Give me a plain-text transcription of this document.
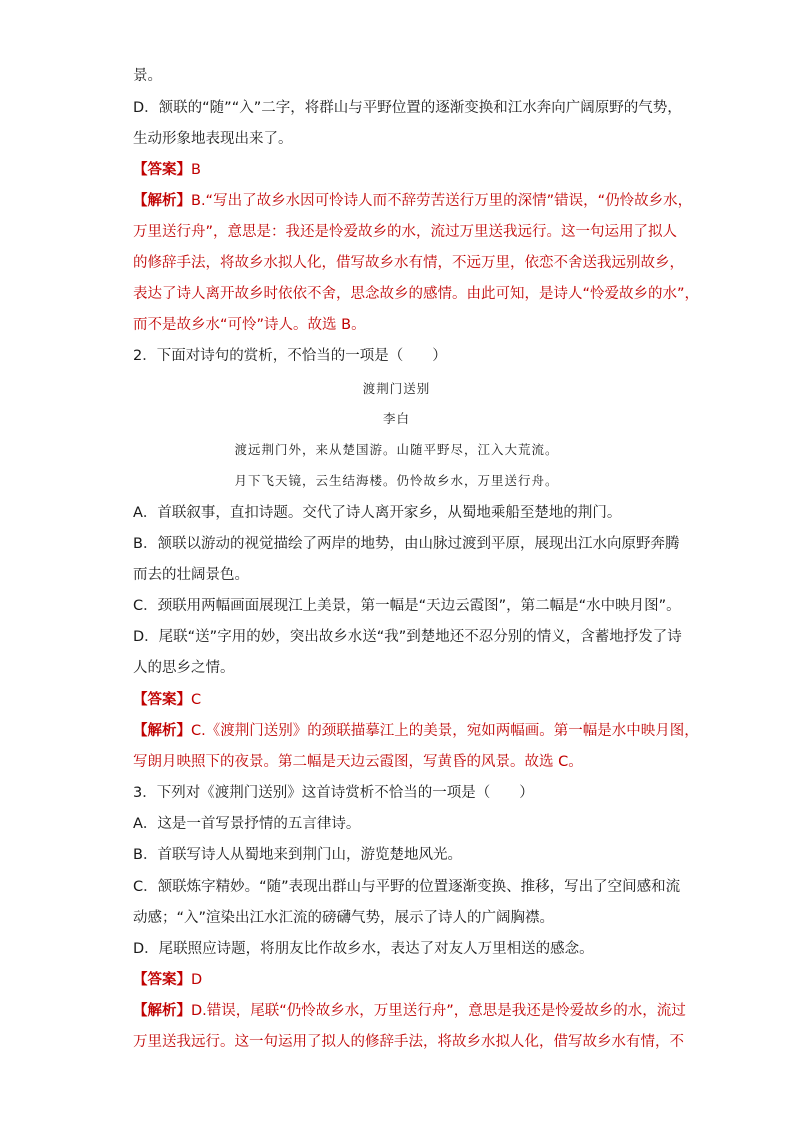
景。
D．颔联的“随”“入”二字，将群山与平野位置的逐渐变换和江水奔向广阔原野的气势，
生动形象地表现出来了。
【答案】B
【解析】B.“写出了故乡水因可怜诗人而不辞劳苦送行万里的深情”错误，“仍怜故乡水，
万里送行舟”，意思是：我还是怜爱故乡的水，流过万里送我远行。这一句运用了拟人
的修辞手法，将故乡水拟人化，借写故乡水有情，不远万里，依恋不舍送我远别故乡，
表达了诗人离开故乡时依依不舍，思念故乡的感情。由此可知，是诗人“怜爱故乡的水”，
而不是故乡水“可怜”诗人。故选 B。
2．下面对诗句的赏析，不恰当的一项是（　　）
渡荆门送别
李白
渡远荆门外，来从楚国游。山随平野尽，江入大荒流。
月下飞天镜，云生结海楼。仍怜故乡水，万里送行舟。
A．首联叙事，直扣诗题。交代了诗人离开家乡，从蜀地乘船至楚地的荆门。
B．颔联以游动的视觉描绘了两岸的地势，由山脉过渡到平原，展现出江水向原野奔腾
而去的壮阔景色。
C．颈联用两幅画面展现江上美景，第一幅是“天边云霞图”，第二幅是“水中映月图”。
D．尾联“送”字用的妙，突出故乡水送“我”到楚地还不忍分别的情义，含蓄地抒发了诗
人的思乡之情。
【答案】C
【解析】C.《渡荆门送别》的颈联描摹江上的美景，宛如两幅画。第一幅是水中映月图，
写朗月映照下的夜景。第二幅是天边云霞图，写黄昏的风景。故选 C。
3．下列对《渡荆门送别》这首诗赏析不恰当的一项是（　　）
A．这是一首写景抒情的五言律诗。
B．首联写诗人从蜀地来到荆门山，游览楚地风光。
C．颔联炼字精妙。“随”表现出群山与平野的位置逐渐变换、推移，写出了空间感和流
动感；“入”渲染出江水汇流的磅礴气势，展示了诗人的广阔胸襟。
D．尾联照应诗题，将朋友比作故乡水，表达了对友人万里相送的感念。
【答案】D
【解析】D.错误，尾联“仍怜故乡水，万里送行舟”，意思是我还是怜爱故乡的水，流过
万里送我远行。这一句运用了拟人的修辞手法，将故乡水拟人化，借写故乡水有情，不
